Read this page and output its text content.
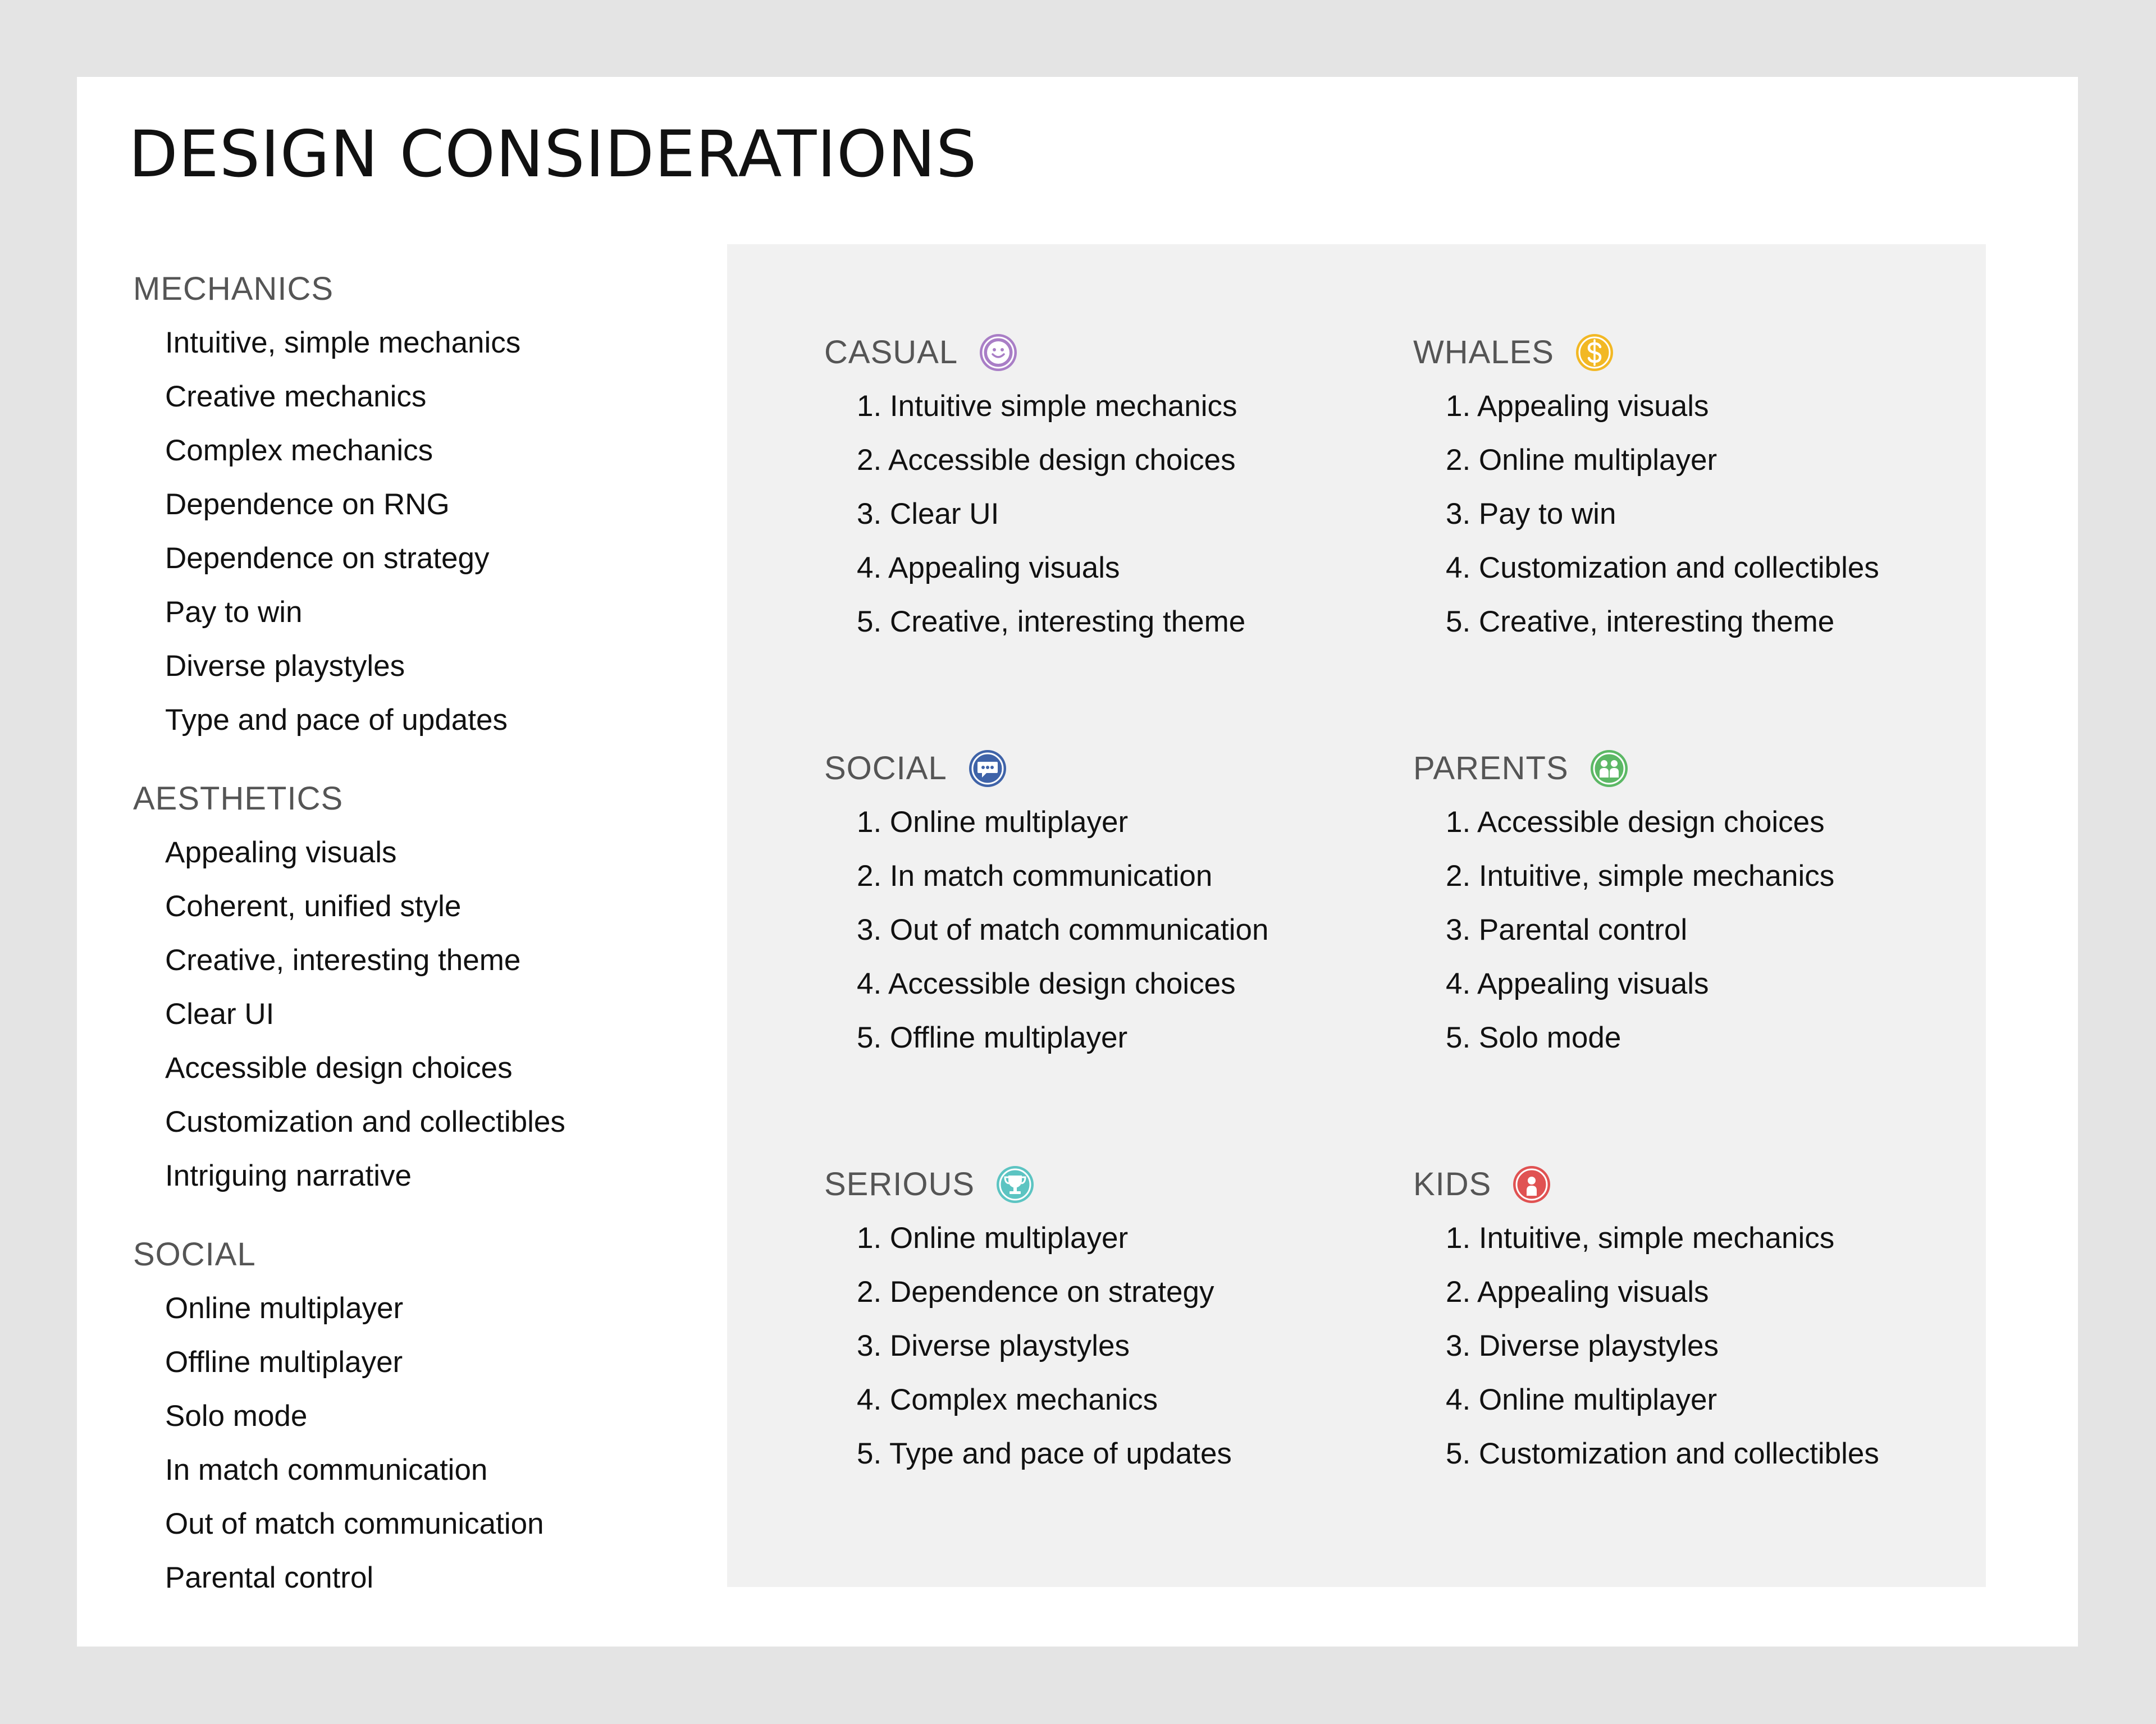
DESIGN CONSIDERATIONS
MECHANICS
Intuitive, simple mechanics
Creative mechanics
Complex mechanics
Dependence on RNG
Dependence on strategy
Pay to win
Diverse playstyles
Type and pace of updates
AESTHETICS
Appealing visuals
Coherent, unified style
Creative, interesting theme
Clear UI
Accessible design choices
Customization and collectibles
Intriguing narrative
SOCIAL
Online multiplayer
Offline multiplayer
Solo mode
In match communication
Out of match communication
Parental control
CASUAL
1. Intuitive simple mechanics
2. Accessible design choices
3. Clear UI
4. Appealing visuals
5. Creative, interesting theme
WHALES
1. Appealing visuals
2. Online multiplayer
3. Pay to win
4. Customization and collectibles
5. Creative, interesting theme
SOCIAL
1. Online multiplayer
2. In match communication
3. Out of match communication
4. Accessible design choices
5. Offline multiplayer
PARENTS
1. Accessible design choices
2. Intuitive, simple mechanics
3. Parental control
4. Appealing visuals
5. Solo mode
SERIOUS
1. Online multiplayer
2. Dependence on strategy
3. Diverse playstyles
4. Complex mechanics
5. Type and pace of updates
KIDS
1. Intuitive, simple mechanics
2. Appealing visuals
3. Diverse playstyles
4. Online multiplayer
5. Customization and collectibles
